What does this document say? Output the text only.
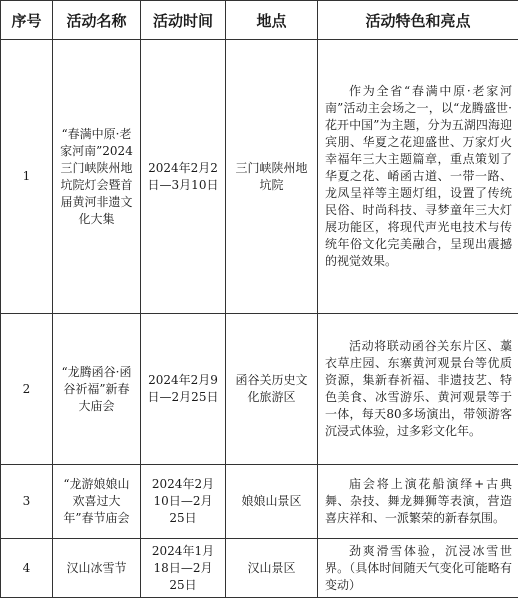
序号	活动名称	活动时间	地点	活动特色和亮点

1	“春满中原·老家河南”2024三门峡陕州地坑院灯会暨首届黄河非遗文化大集	2024年2月2日—3月10日	三门峡陕州地坑院	作为全省“春满中原·老家河南”活动主会场之一，以“龙腾盛世·花开中国”为主题，分为五湖四海迎宾朋、华夏之花迎盛世、万家灯火幸福年三大主题篇章，重点策划了华夏之花、崤函古道、一带一路、龙凤呈祥等主题灯组，设置了传统民俗、时尚科技、寻梦童年三大灯展功能区，将现代声光电技术与传统年俗文化完美融合，呈现出震撼的视觉效果。

2	“龙腾函谷·函谷祈福”新春大庙会	2024年2月9日—2月25日	函谷关历史文化旅游区	活动将联动函谷关东片区、藁衣草庄园、东寨黄河观景台等优质资源，集新春祈福、非遗技艺、特色美食、冰雪游乐、黄河观景等于一体，每天80多场演出，带领游客沉浸式体验，过多彩文化年。

3	“龙游娘娘山 欢喜过大年”春节庙会	2024年2月10日—2月25日	娘娘山景区	庙会将上演花船演绎+古典舞、杂技、舞龙舞狮等表演，营造喜庆祥和、一派繁荣的新春氛围。

4	汉山冰雪节	2024年1月18日—2月25日	汉山景区	劲爽滑雪体验，沉浸冰雪世界。（具体时间随天气变化可能略有变动）
